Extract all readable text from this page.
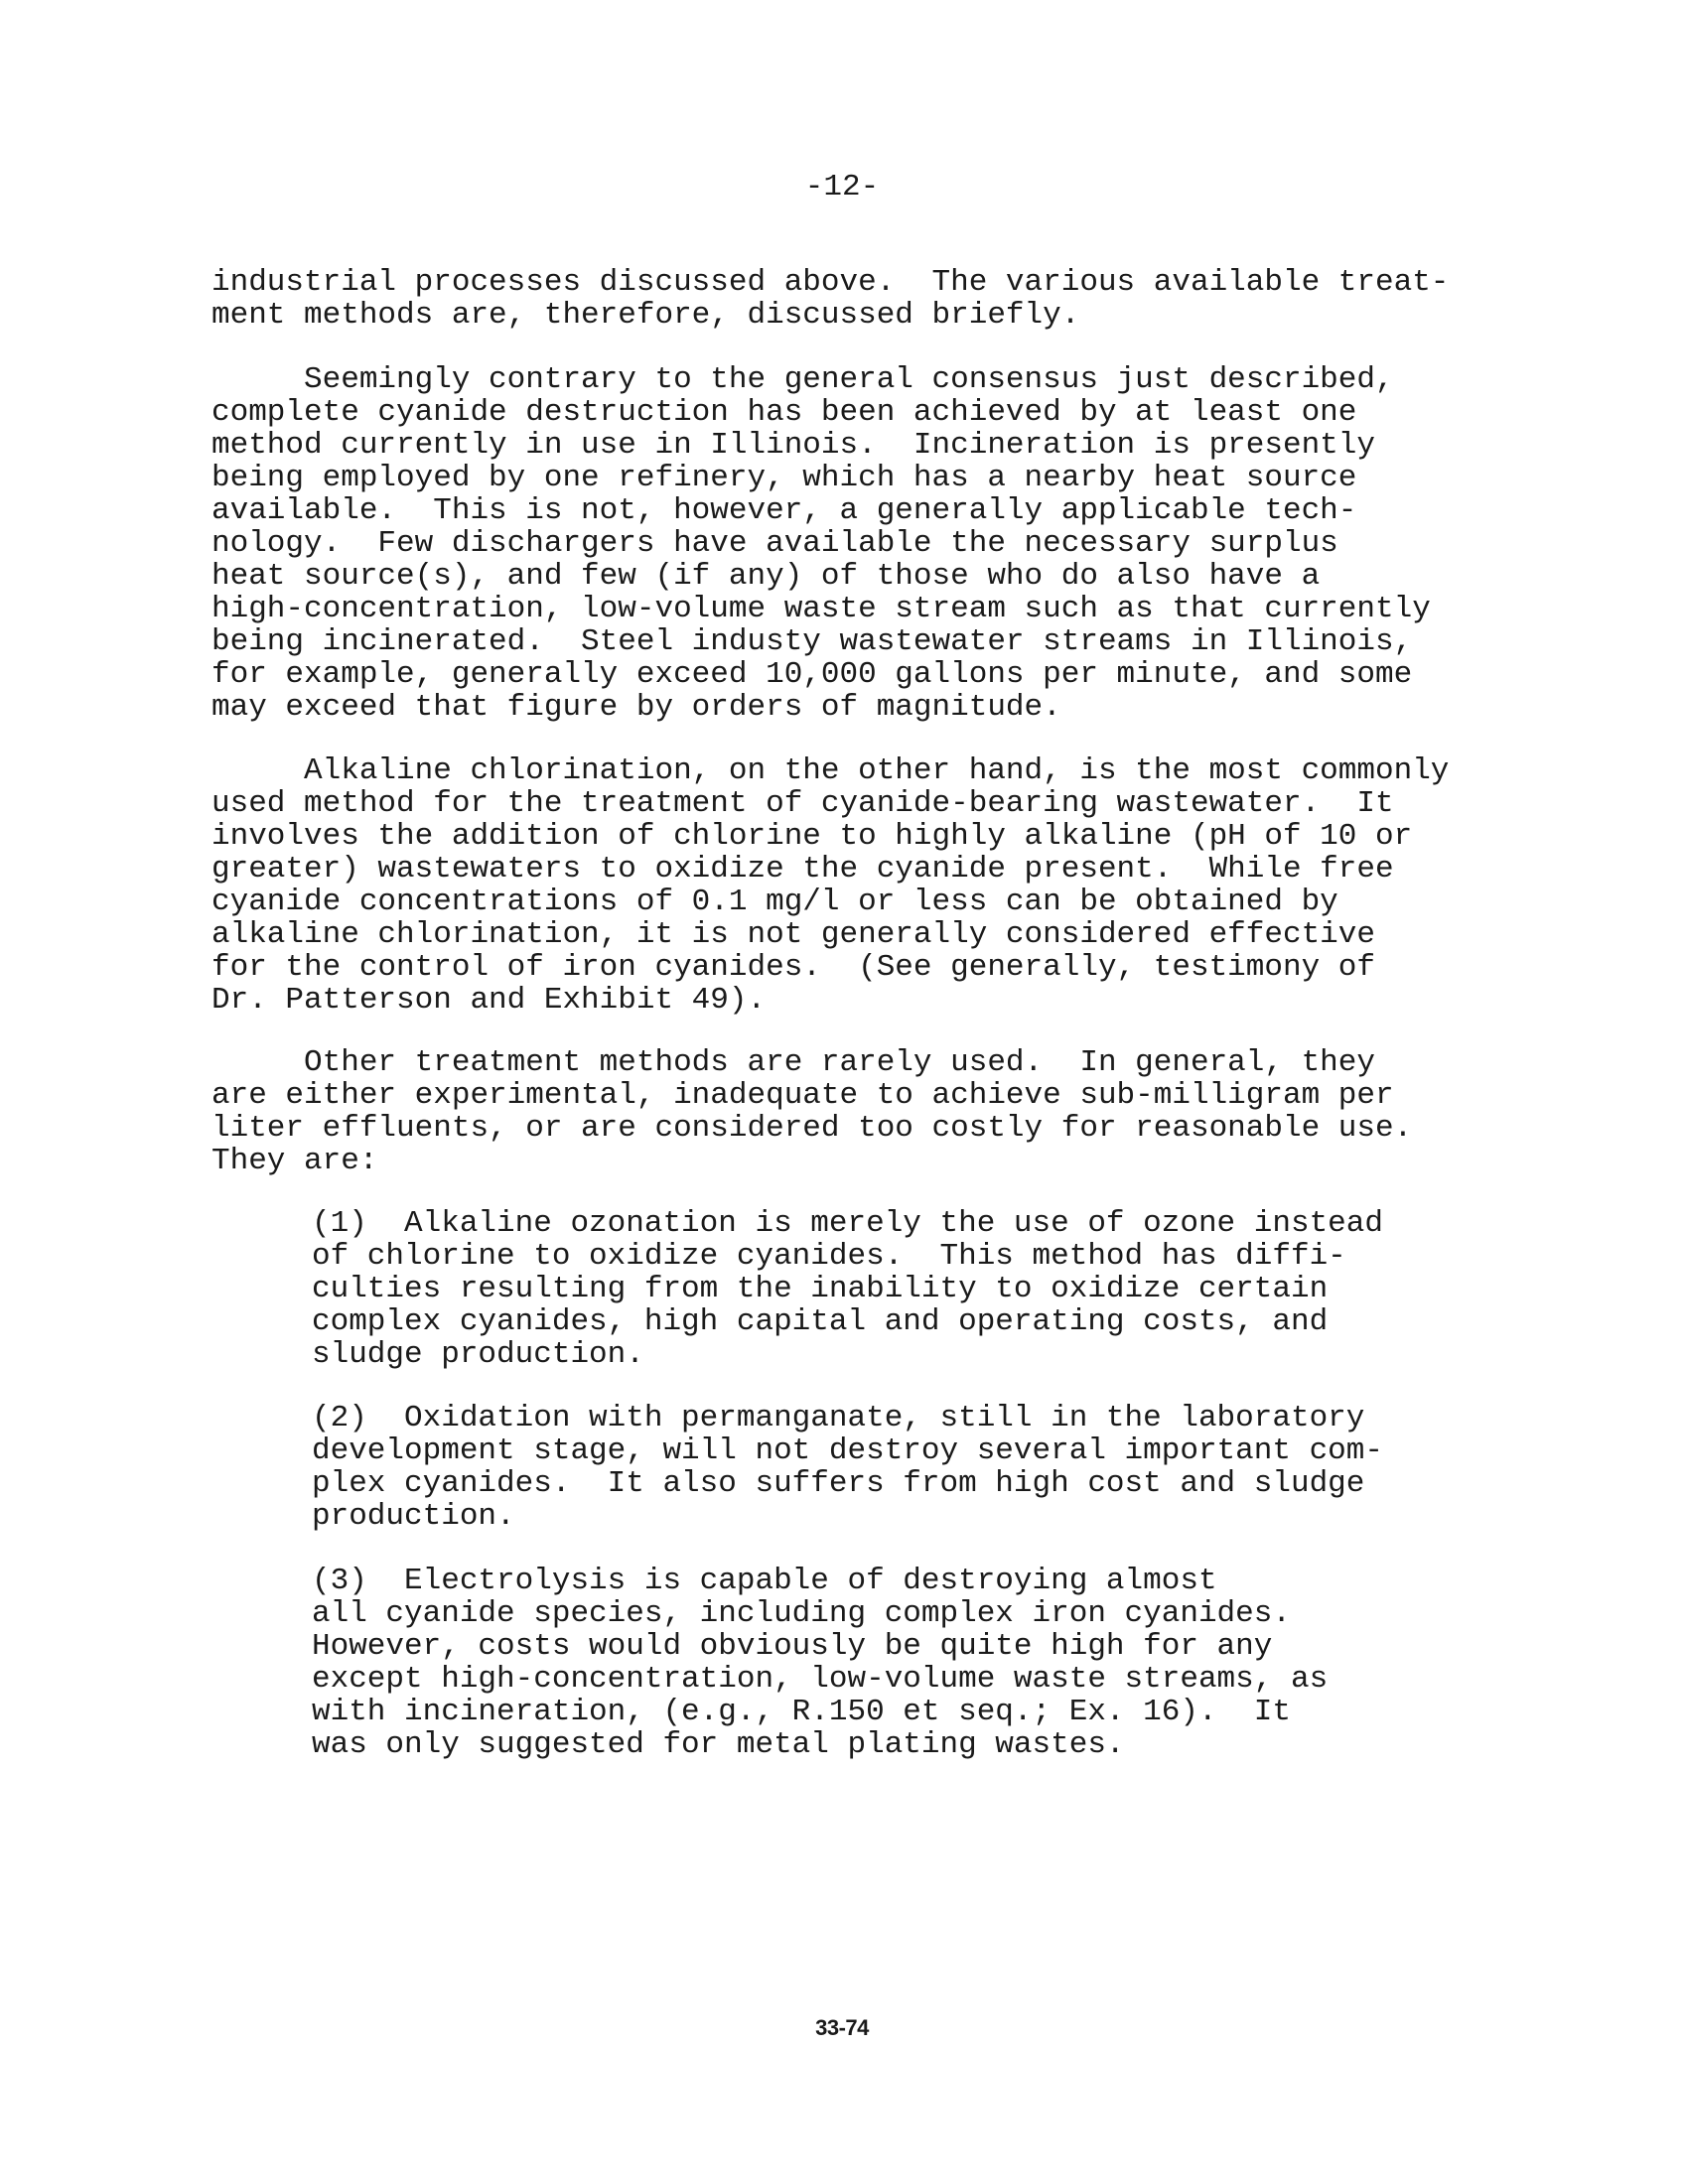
-12-

industrial processes discussed above.  The various available treat-
ment methods are, therefore, discussed briefly.

Seemingly contrary to the general consensus just described,
complete cyanide destruction has been achieved by at least one
method currently in use in Illinois.  Incineration is presently
being employed by one refinery, which has a nearby heat source
available.  This is not, however, a generally applicable tech-
nology.  Few dischargers have available the necessary surplus
heat source(s), and few (if any) of those who do also have a
high-concentration, low-volume waste stream such as that currently
being incinerated.  Steel industy wastewater streams in Illinois,
for example, generally exceed 10,000 gallons per minute, and some
may exceed that figure by orders of magnitude.

Alkaline chlorination, on the other hand, is the most commonly
used method for the treatment of cyanide-bearing wastewater.  It
involves the addition of chlorine to highly alkaline (pH of 10 or
greater) wastewaters to oxidize the cyanide present.  While free
cyanide concentrations of 0.1 mg/l or less can be obtained by
alkaline chlorination, it is not generally considered effective
for the control of iron cyanides.  (See generally, testimony of
Dr. Patterson and Exhibit 49).

Other treatment methods are rarely used.  In general, they
are either experimental, inadequate to achieve sub-milligram per
liter effluents, or are considered too costly for reasonable use.
They are:

(1)  Alkaline ozonation is merely the use of ozone instead
of chlorine to oxidize cyanides.  This method has diffi-
culties resulting from the inability to oxidize certain
complex cyanides, high capital and operating costs, and
sludge production.

(2)  Oxidation with permanganate, still in the laboratory
development stage, will not destroy several important com-
plex cyanides.  It also suffers from high cost and sludge
production.

(3)  Electrolysis is capable of destroying almost
all cyanide species, including complex iron cyanides.
However, costs would obviously be quite high for any
except high-concentration, low-volume waste streams, as
with incineration, (e.g., R.150 et seq.; Ex. 16).  It
was only suggested for metal plating wastes.

33-74
